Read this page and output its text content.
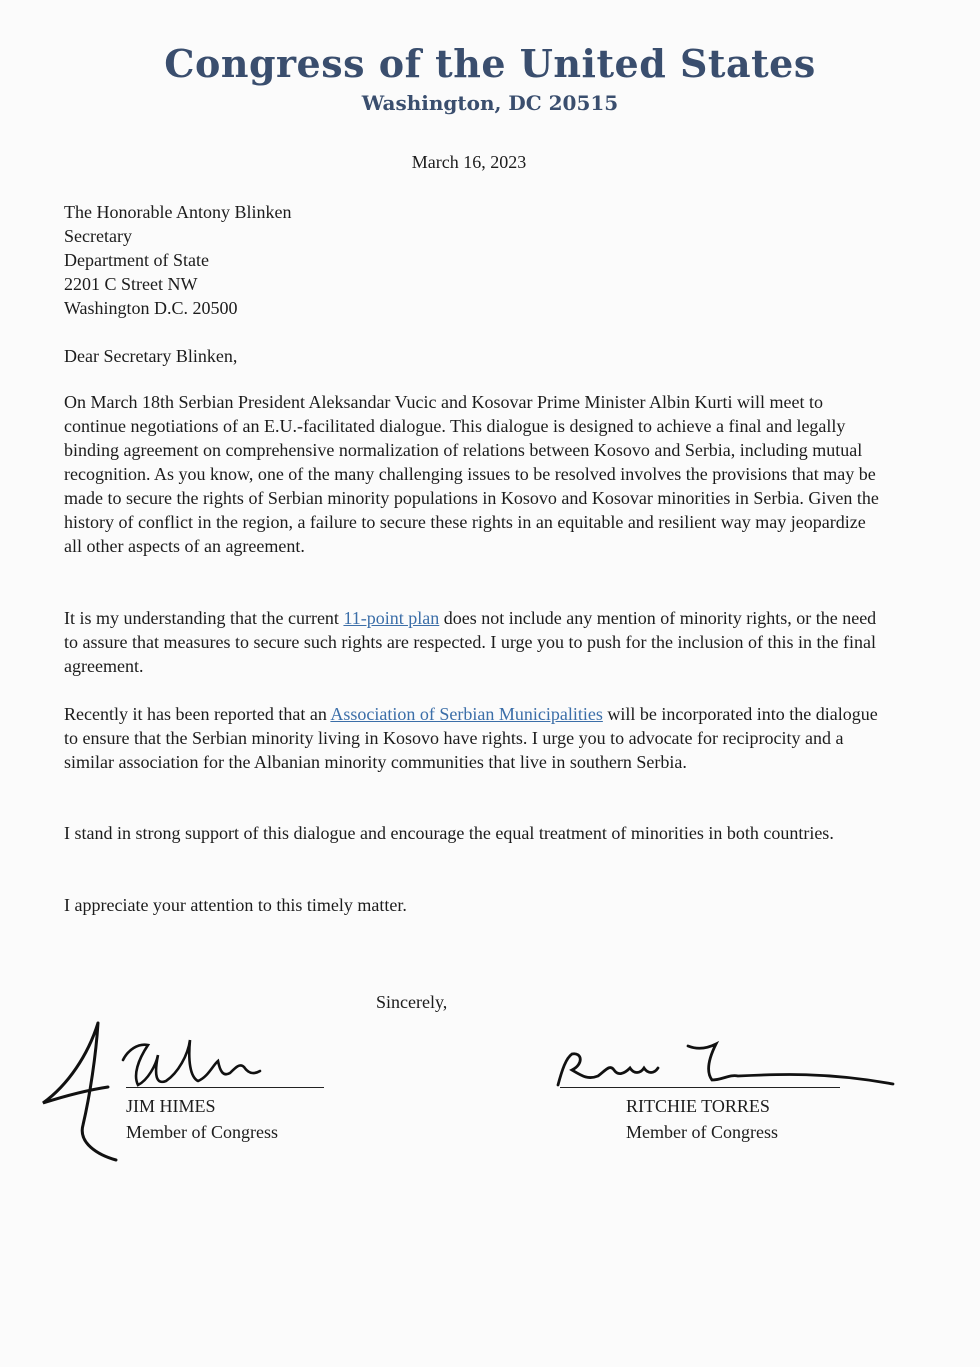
Congress of the United States
Washington, DC 20515
March 16, 2023
The Honorable Antony Blinken
Secretary
Department of State
2201 C Street NW
Washington D.C. 20500
Dear Secretary Blinken,
On March 18th Serbian President Aleksandar Vucic and Kosovar Prime Minister Albin Kurti will meet to continue negotiations of an E.U.-facilitated dialogue. This dialogue is designed to achieve a final and legally binding agreement on comprehensive normalization of relations between Kosovo and Serbia, including mutual recognition. As you know, one of the many challenging issues to be resolved involves the provisions that may be made to secure the rights of Serbian minority populations in Kosovo and Kosovar minorities in Serbia. Given the history of conflict in the region, a failure to secure these rights in an equitable and resilient way may jeopardize all other aspects of an agreement.
It is my understanding that the current 11-point plan does not include any mention of minority rights, or the need to assure that measures to secure such rights are respected. I urge you to push for the inclusion of this in the final agreement.
Recently it has been reported that an Association of Serbian Municipalities will be incorporated into the dialogue to ensure that the Serbian minority living in Kosovo have rights. I urge you to advocate for reciprocity and a similar association for the Albanian minority communities that live in southern Serbia.
I stand in strong support of this dialogue and encourage the equal treatment of minorities in both countries.
I appreciate your attention to this timely matter.
Sincerely,
JIM HIMES
Member of Congress
RITCHIE TORRES
Member of Congress
